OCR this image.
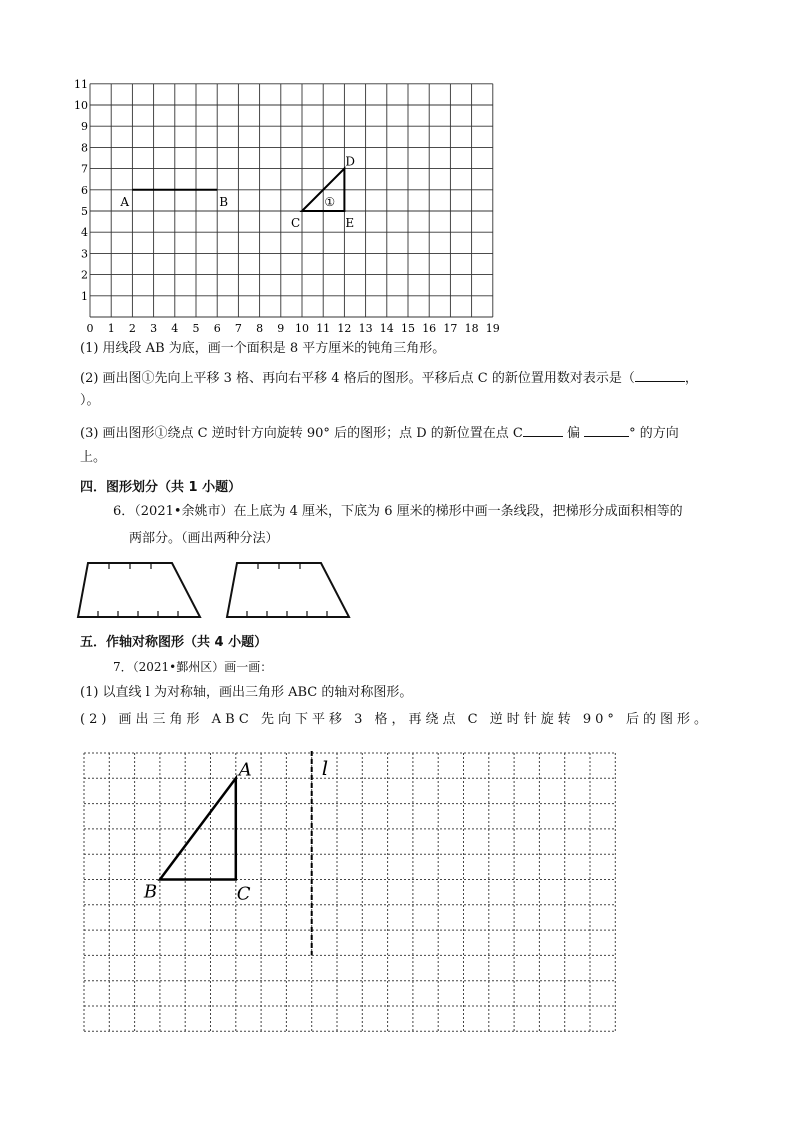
0 1 2 3 4 5 6 7 8 9 10 11 12 13 14 15 16 17 18 19
1
2
3
4
5
6
7
8
9
10
11
A	B
C
D
E
①
(1) 用线段 AB 为底，画一个面积是 8 平方厘米的钝角三角形。
(2) 画出图①先向上平移 3 格、再向右平移 4 格后的图形。平移后点 C 的新位置用数对表示是（	，
）。
(3) 画出图形①绕点 C 逆时针方向旋转 90° 后的图形；点 D 的新位置在点 C	偏	° 的方向
上。
四．图形划分（共 1 小题）
6．（2021•余姚市）在上底为 4 厘米，下底为 6 厘米的梯形中画一条线段，把梯形分成面积相等的
两部分。（画出两种分法）
五．作轴对称图形（共 4 小题）
7．（2021•鄞州区）画一画：
(1) 以直线 l 为对称轴，画出三角形 ABC 的轴对称图形。
(2) 画出三角形 ABC 先向下平移 3 格，再绕点 C 逆时针旋转 90° 后的图形。
A
B	C
l
